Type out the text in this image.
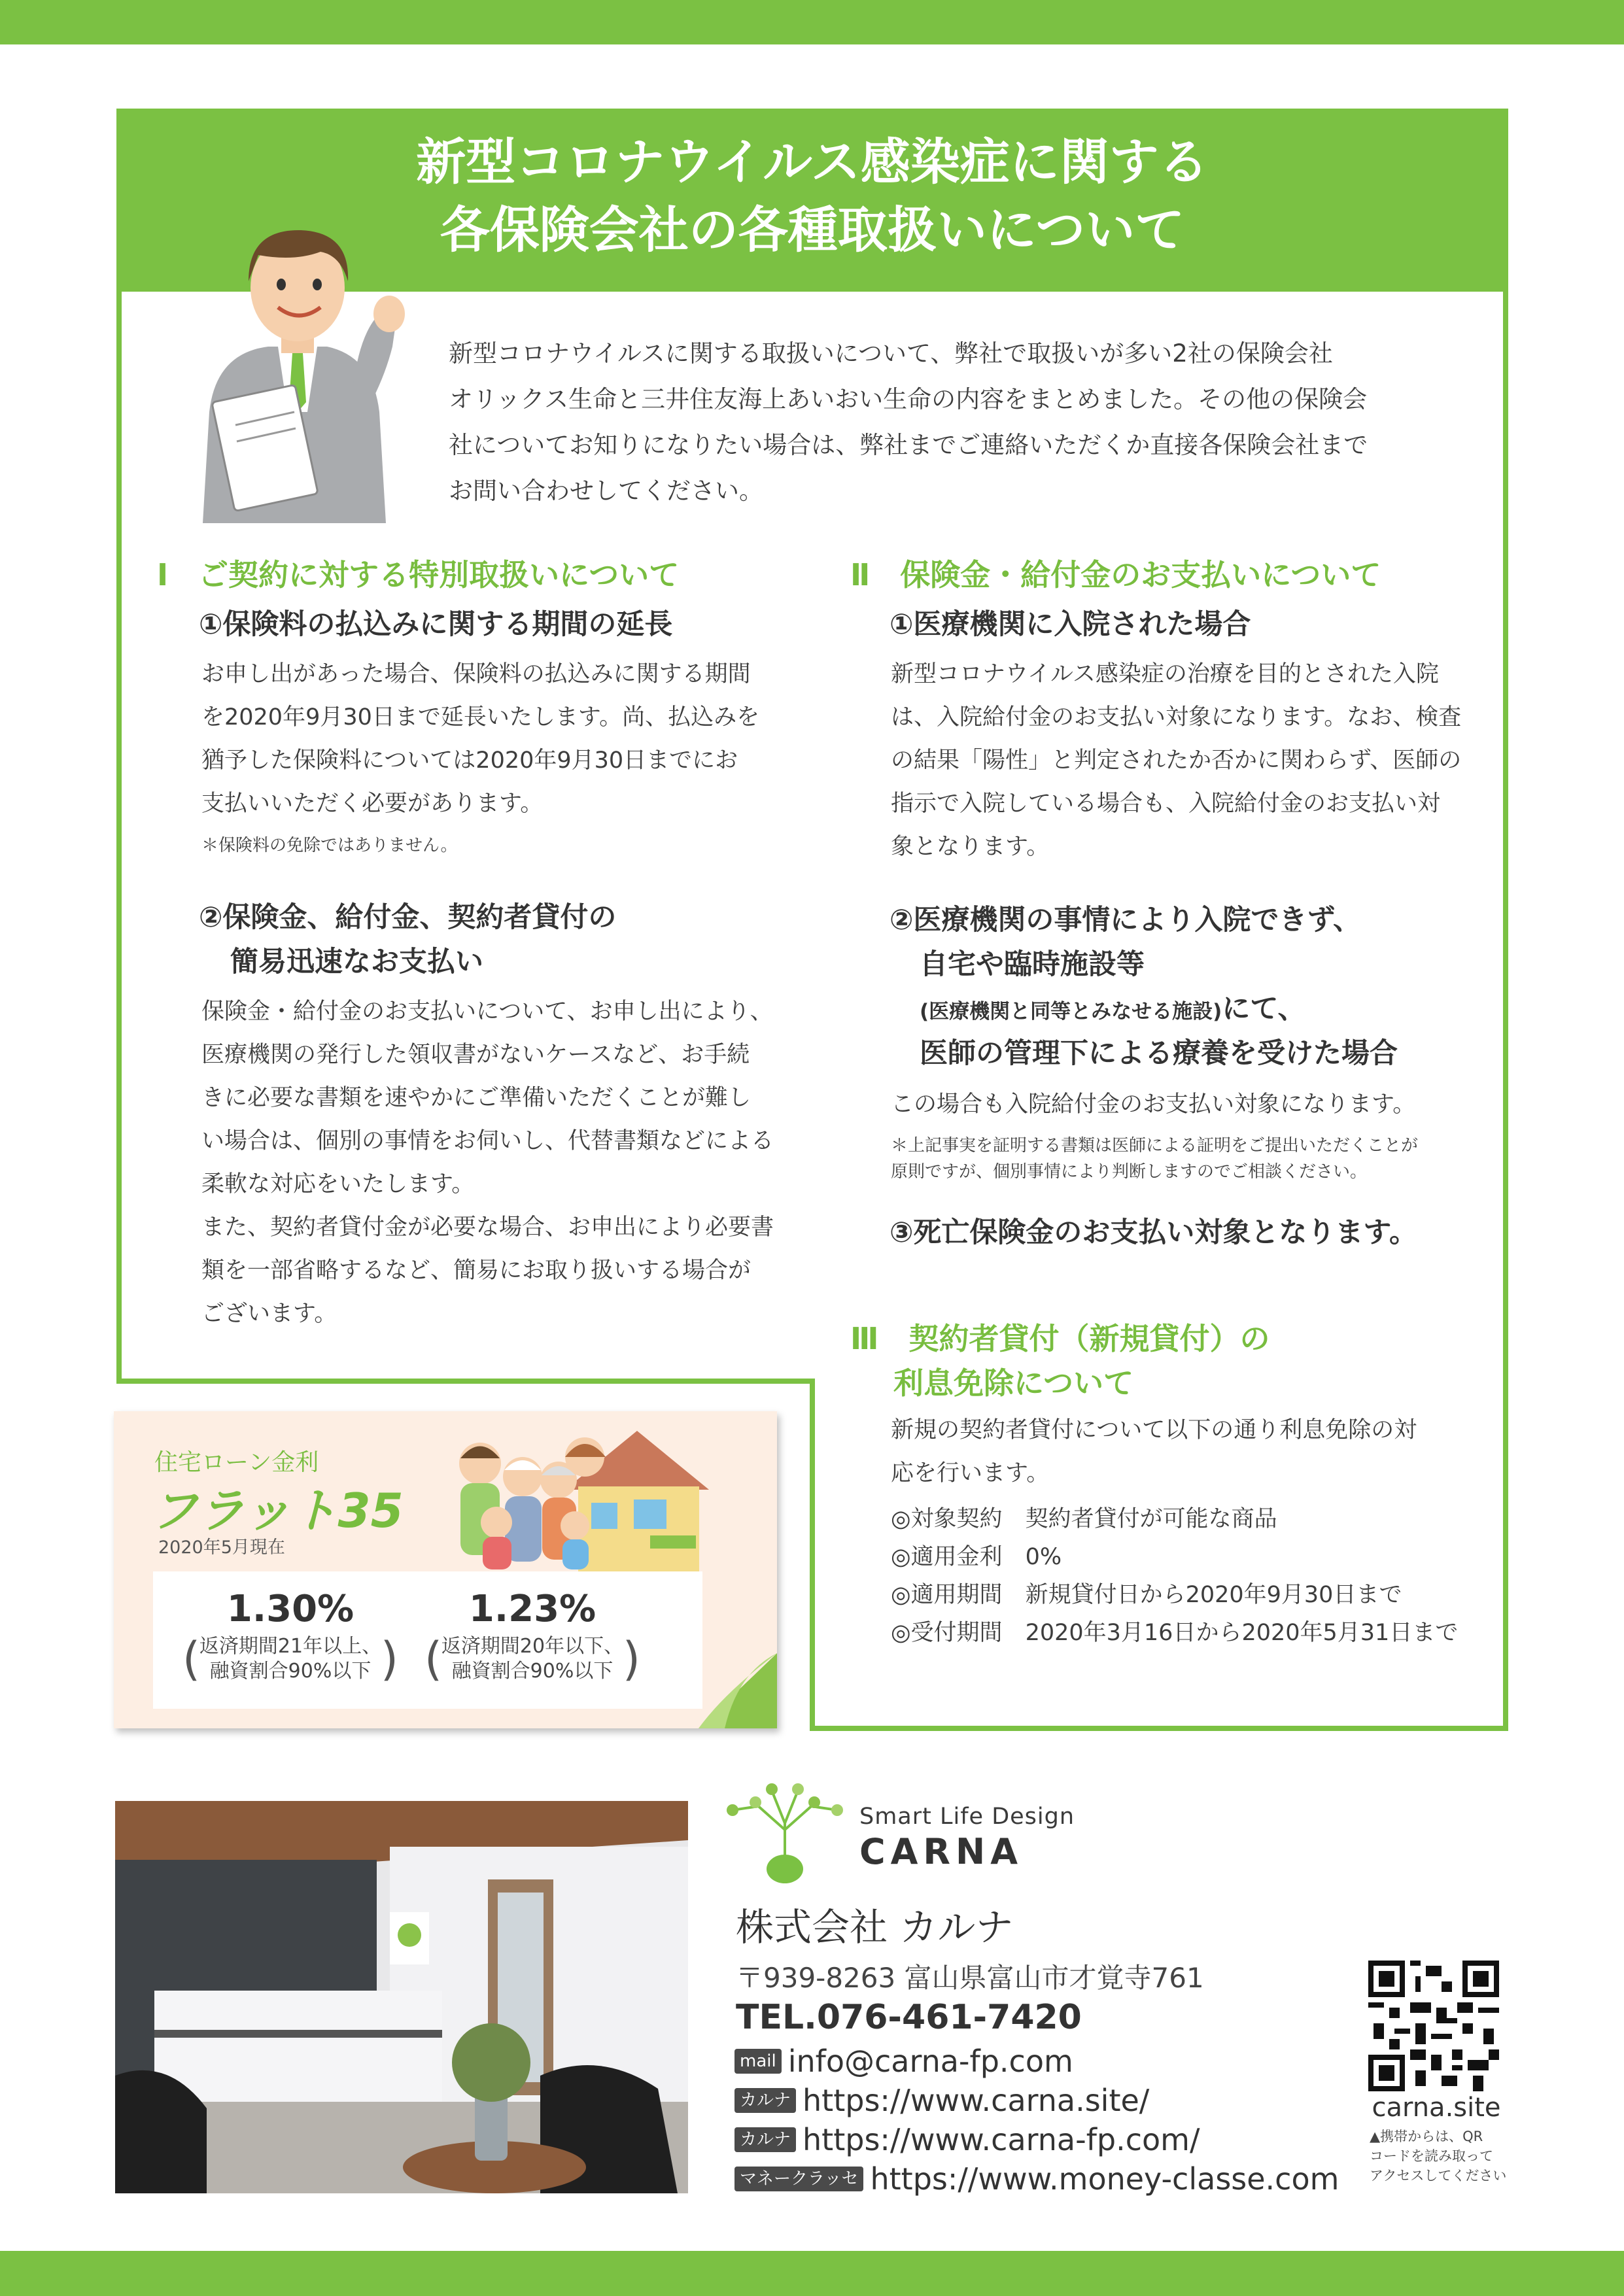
新型コロナウイルス感染症に関する
各保険会社の各種取扱いについて
新型コロナウイルスに関する取扱いについて、弊社で取扱いが多い2社の保険会社
オリックス生命と三井住友海上あいおい生命の内容をまとめました。その他の保険会
社についてお知りになりたい場合は、弊社までご連絡いただくか直接各保険会社まで
お問い合わせしてください。
Ⅰ　ご契約に対する特別取扱いについて
①保険料の払込みに関する期間の延長
お申し出があった場合、保険料の払込みに関する期間
を2020年9月30日まで延長いたします。尚、払込みを
猶予した保険料については2020年9月30日までにお
支払いいただく必要があります。
＊保険料の免除ではありません。
②保険金、給付金、契約者貸付の
簡易迅速なお支払い
保険金・給付金のお支払いについて、お申し出により、
医療機関の発行した領収書がないケースなど、お手続
きに必要な書類を速やかにご準備いただくことが難し
い場合は、個別の事情をお伺いし、代替書類などによる
柔軟な対応をいたします。
また、契約者貸付金が必要な場合、お申出により必要書
類を一部省略するなど、簡易にお取り扱いする場合が
ございます。
Ⅱ　保険金・給付金のお支払いについて
①医療機関に入院された場合
新型コロナウイルス感染症の治療を目的とされた入院
は、入院給付金のお支払い対象になります。なお、検査
の結果「陽性」と判定されたか否かに関わらず、医師の
指示で入院している場合も、入院給付金のお支払い対
象となります。
②医療機関の事情により入院できず、
自宅や臨時施設等
(医療機関と同等とみなせる施設)にて、
医師の管理下による療養を受けた場合
この場合も入院給付金のお支払い対象になります。
＊上記事実を証明する書類は医師による証明をご提出いただくことが
原則ですが、個別事情により判断しますのでご相談ください。
③死亡保険金のお支払い対象となります。
Ⅲ　契約者貸付（新規貸付）の
利息免除について
新規の契約者貸付について以下の通り利息免除の対
応を行います。
◎対象契約　 契約者貸付が可能な商品
◎適用金利　 0%
◎適用期間　 新規貸付日から2020年9月30日まで
◎受付期間　 2020年3月16日から2020年5月31日まで
住宅ローン金利
フラット35
2020年5月現在
1.30%
( 返済期間21年以上、
融資割合90%以下
)
1.23%
( 返済期間20年以下、
融資割合90%以下
)
Smart Life Design
CARNA
株式会社 カルナ
〒939-8263 富山県富山市才覚寺761
TEL.076-461-7420
mail info@carna-fp.com
カルナ https://www.carna.site/
カルナ https://www.carna-fp.com/
マネークラッセ https://www.money-classe.com
carna.site
▲携帯からは、QR
コードを読み取って
アクセスしてください
